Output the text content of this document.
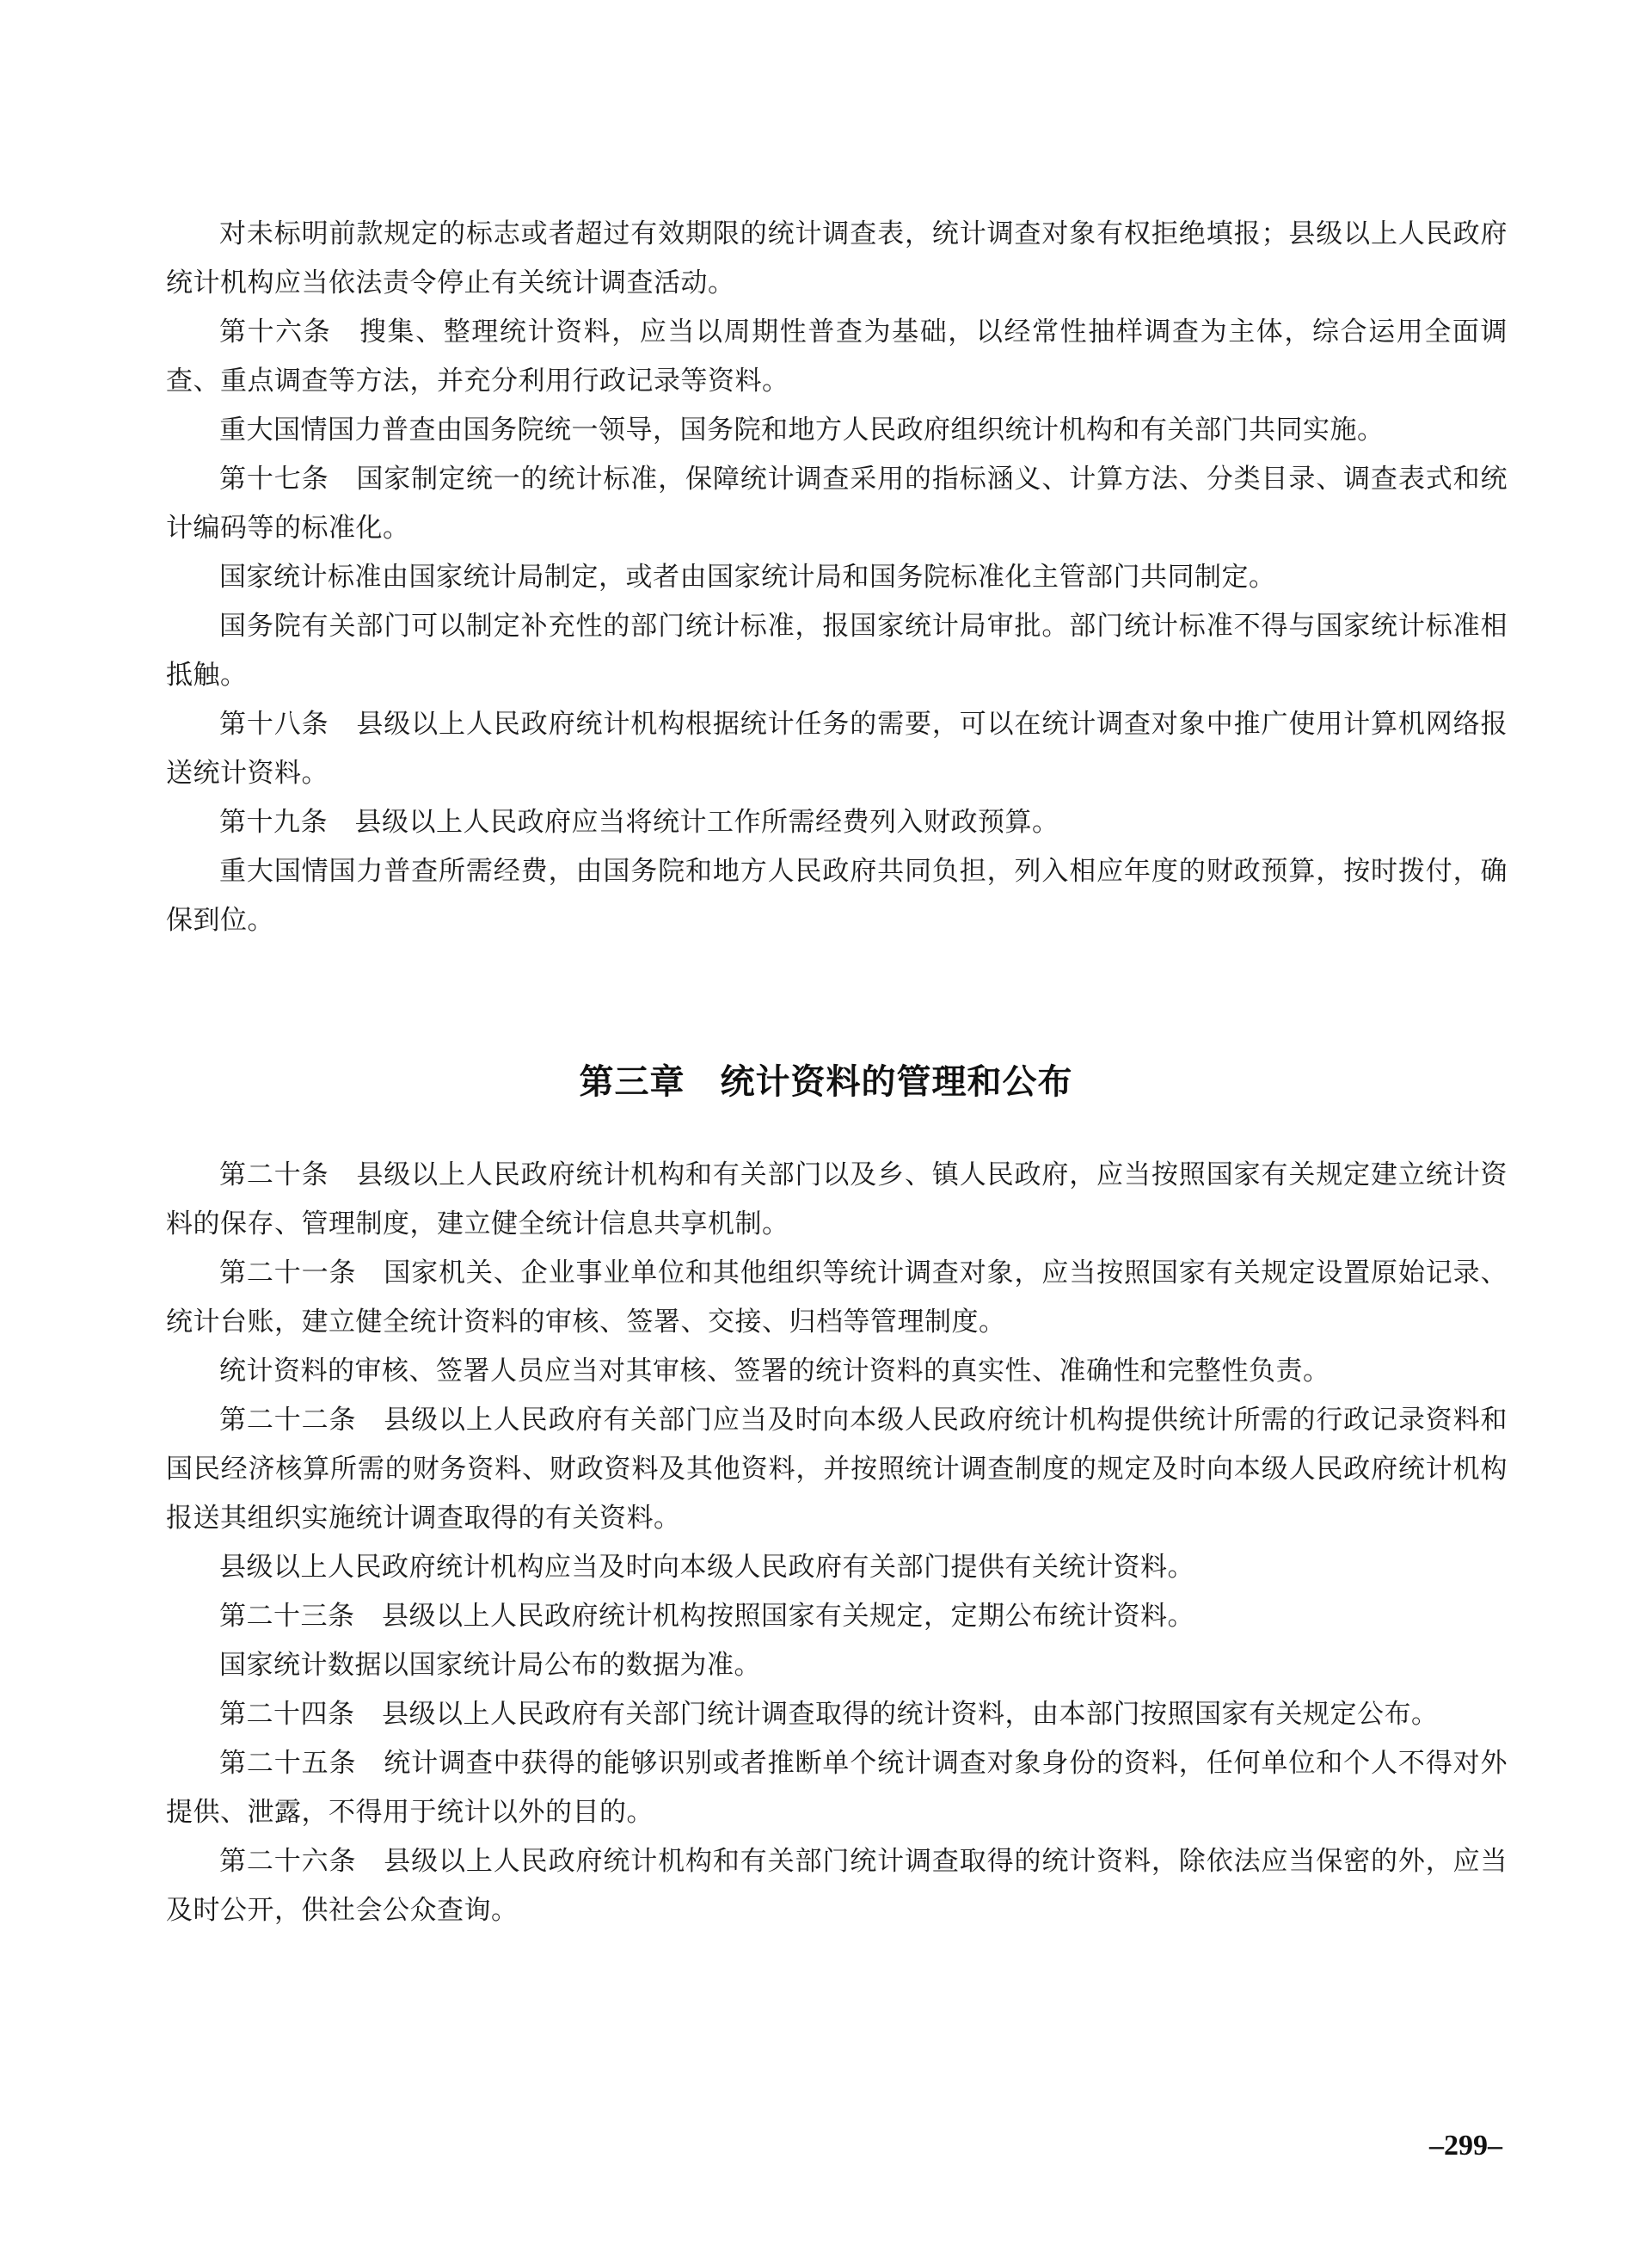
对未标明前款规定的标志或者超过有效期限的统计调查表，统计调查对象有权拒绝填报；县级以上人民政府统计机构应当依法责令停止有关统计调查活动。

第十六条　搜集、整理统计资料，应当以周期性普查为基础，以经常性抽样调查为主体，综合运用全面调查、重点调查等方法，并充分利用行政记录等资料。

重大国情国力普查由国务院统一领导，国务院和地方人民政府组织统计机构和有关部门共同实施。

第十七条　国家制定统一的统计标准，保障统计调查采用的指标涵义、计算方法、分类目录、调查表式和统计编码等的标准化。

国家统计标准由国家统计局制定，或者由国家统计局和国务院标准化主管部门共同制定。

国务院有关部门可以制定补充性的部门统计标准，报国家统计局审批。部门统计标准不得与国家统计标准相抵触。

第十八条　县级以上人民政府统计机构根据统计任务的需要，可以在统计调查对象中推广使用计算机网络报送统计资料。

第十九条　县级以上人民政府应当将统计工作所需经费列入财政预算。

重大国情国力普查所需经费，由国务院和地方人民政府共同负担，列入相应年度的财政预算，按时拨付，确保到位。

第三章　统计资料的管理和公布

第二十条　县级以上人民政府统计机构和有关部门以及乡、镇人民政府，应当按照国家有关规定建立统计资料的保存、管理制度，建立健全统计信息共享机制。

第二十一条　国家机关、企业事业单位和其他组织等统计调查对象，应当按照国家有关规定设置原始记录、统计台账，建立健全统计资料的审核、签署、交接、归档等管理制度。

统计资料的审核、签署人员应当对其审核、签署的统计资料的真实性、准确性和完整性负责。

第二十二条　县级以上人民政府有关部门应当及时向本级人民政府统计机构提供统计所需的行政记录资料和国民经济核算所需的财务资料、财政资料及其他资料，并按照统计调查制度的规定及时向本级人民政府统计机构报送其组织实施统计调查取得的有关资料。

县级以上人民政府统计机构应当及时向本级人民政府有关部门提供有关统计资料。

第二十三条　县级以上人民政府统计机构按照国家有关规定，定期公布统计资料。

国家统计数据以国家统计局公布的数据为准。

第二十四条　县级以上人民政府有关部门统计调查取得的统计资料，由本部门按照国家有关规定公布。

第二十五条　统计调查中获得的能够识别或者推断单个统计调查对象身份的资料，任何单位和个人不得对外提供、泄露，不得用于统计以外的目的。

第二十六条　县级以上人民政府统计机构和有关部门统计调查取得的统计资料，除依法应当保密的外，应当及时公开，供社会公众查询。

–299–
